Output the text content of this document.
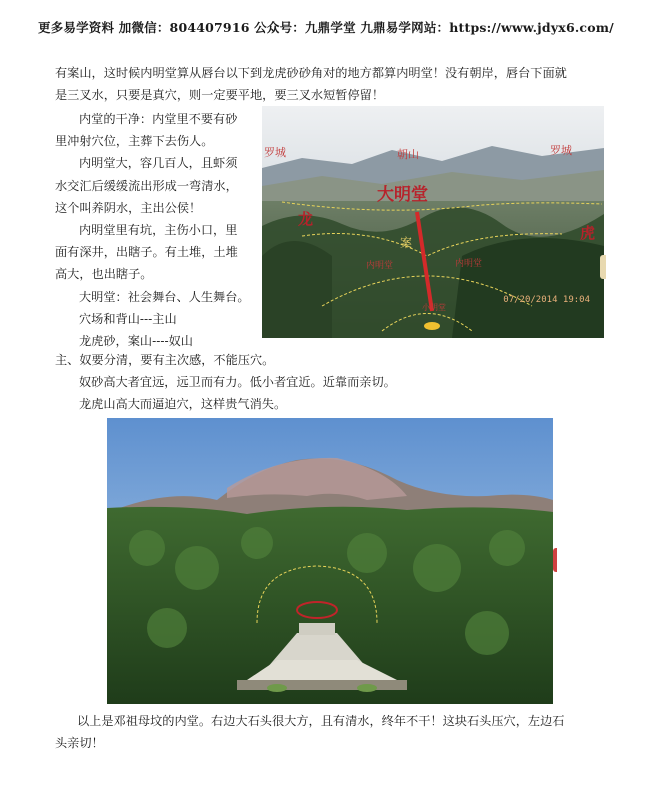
更多易学资料 加微信：804407916 公众号：九鼎学堂 九鼎易学网站：https://www.jdyx6.com/
有案山，这时候内明堂算从唇台以下到龙虎砂砂角对的地方都算内明堂！没有朝岸，唇台下面就
是三叉水，只要是真穴，则一定要平地，要三叉水短暂停留！
内堂的干净：内堂里不要有砂
里冲射穴位，主葬下去伤人。
内明堂大，容几百人，且虾须
水交汇后缓缓流出形成一弯清水，
这个叫养阴水，主出公侯！
内明堂里有坑，主伤小口，里
面有深井，出瞎子。有土堆，土堆
高大，也出瞎子。
大明堂：社会舞台、人生舞台。
穴场和背山---主山
龙虎砂，案山----奴山
罗城	朝山	罗城
大明堂
龙
虎
案
内明堂	内明堂
小明堂
07/20/2014 19:04
主、奴要分清，要有主次感，不能压穴。
奴砂高大者宜远，远卫而有力。低小者宜近。近靠而亲切。
龙虎山高大而逼迫穴，这样贵气消失。
以上是邓祖母坟的内堂。右边大石头很大方，且有清水，终年不干！这块石头压穴，左边石
头亲切！
